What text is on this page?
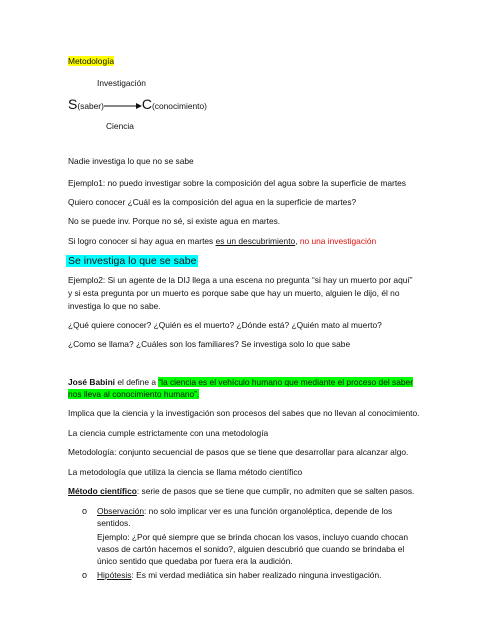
Metodología
Investigación
S(saber)	C(conocimiento)
Ciencia
Nadie investiga lo que no se sabe
Ejemplo1: no puedo investigar sobre la composición del agua sobre la superficie de martes
Quiero conocer ¿Cuál es la composición del agua en la superficie de martes?
No se puede inv. Porque no sé, si existe agua en martes.
Si logro conocer si hay agua en martes es un descubrimiento, no una investigación
Se investiga lo que se sabe
Ejemplo2: Si un agente de la DIJ llega a una escena no pregunta “si hay un muerto por aquí”
y si esta pregunta por un muerto es porque sabe que hay un muerto, alguien le dijo, él no
investiga lo que no sabe.
¿Qué quiere conocer? ¿Quién es el muerto? ¿Dónde está? ¿Quién mato al muerto?
¿Como se llama? ¿Cuáles son los familiares? Se investiga solo lo que sabe
José Babini el define a “la ciencia es el vehículo humano que mediante el proceso del saber
nos lleva al conocimiento humano”.
Implica que la ciencia y la investigación son procesos del sabes que no llevan al conocimiento.
La ciencia cumple estrictamente con una metodología
Metodología: conjunto secuencial de pasos que se tiene que desarrollar para alcanzar algo.
La metodología que utiliza la ciencia se llama método científico
Método científico: serie de pasos que se tiene que cumplir, no admiten que se salten pasos.
o Observación: no solo implicar ver es una función organoléptica, depende de los
sentidos.
Ejemplo: ¿Por qué siempre que se brinda chocan los vasos, incluyo cuando chocan
vasos de cartón hacemos el sonido?, alguien descubrió que cuando se brindaba el
único sentido que quedaba por fuera era la audición.
o Hipótesis: Es mi verdad mediática sin haber realizado ninguna investigación.
